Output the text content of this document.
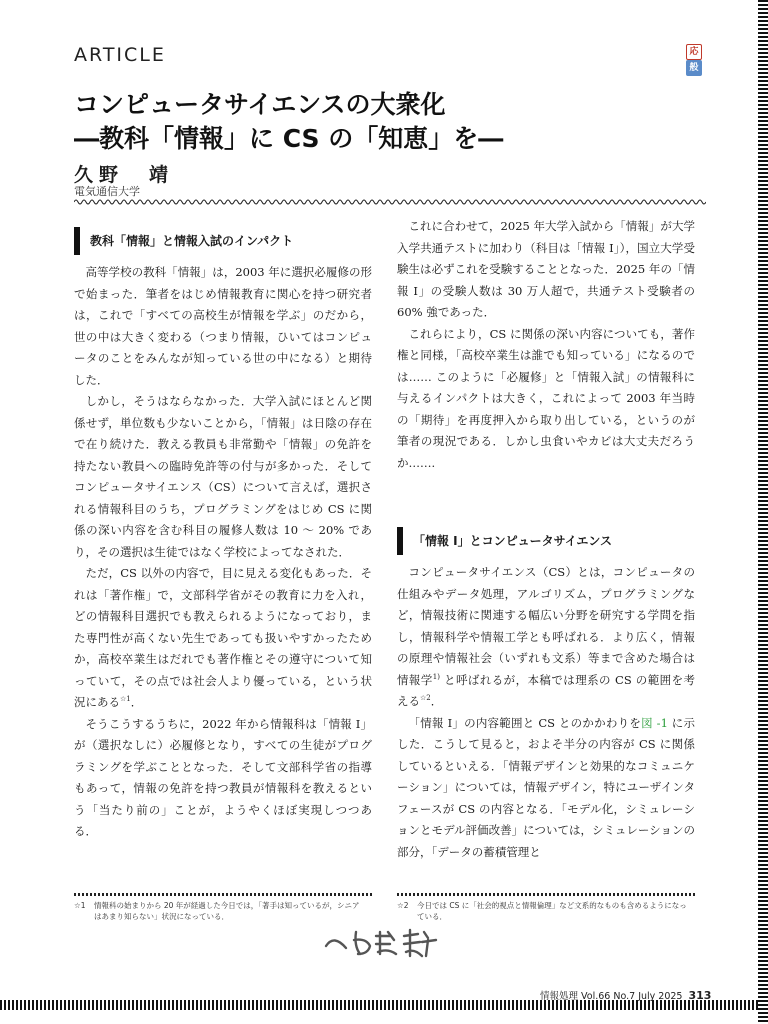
ARTICLE	応
般
コンピュータサイエンスの大衆化
―教科「情報」に CS の「知恵」を―
久野　靖
電気通信大学
教科「情報」と情報入試のインパクト

高等学校の教科「情報」は，2003 年に選択必履修の形で始まった．筆者をはじめ情報教育に関心を持つ研究者は，これで「すべての高校生が情報を学ぶ」のだから，世の中は大きく変わる（つまり情報，ひいてはコンピュータのことをみんなが知っている世の中になる）と期待した．

しかし，そうはならなかった．大学入試にほとんど関係せず，単位数も少ないことから，「情報」は日陰の存在で在り続けた．教える教員も非常勤や「情報」の免許を持たない教員への臨時免許等の付与が多かった．そしてコンピュータサイエンス（CS）について言えば，選択される情報科目のうち，プログラミングをはじめ CS に関係の深い内容を含む科目の履修人数は 10 ～ 20% であり，その選択は生徒ではなく学校によってなされた．

ただ，CS 以外の内容で，目に見える変化もあった．それは「著作権」で，文部科学省がその教育に力を入れ，どの情報科目選択でも教えられるようになっており，また専門性が高くない先生であっても扱いやすかったためか，高校卒業生はだれでも著作権とその遵守について知っていて，その点では社会人より優っている，という状況にある$^{☆1}$．

そうこうするうちに，2022 年から情報科は「情報 I」が（選択なしに）必履修となり，すべての生徒がプログラミングを学ぶこととなった．そして文部科学省の指導もあって，情報の免許を持つ教員が情報科を教えるという「当たり前の」ことが，ようやくほぼ実現しつつある．

これに合わせて，2025 年大学入試から「情報」が大学入学共通テストに加わり（科目は「情報 I」），国立大学受験生は必ずこれを受験することとなった．2025 年の「情報 I」の受験人数は 30 万人超で，共通テスト受験者の 60% 強であった．

これらにより，CS に関係の深い内容についても，著作権と同様，「高校卒業生は誰でも知っている」になるのでは…… このように「必履修」と「情報入試」の情報科に与えるインパクトは大きく，これによって 2003 年当時の「期待」を再度押入から取り出している，というのが筆者の現況である．しかし虫食いやカビは大丈夫だろうか…….

「情報 I」とコンピュータサイエンス

コンピュータサイエンス（CS）とは，コンピュータの仕組みやデータ処理，アルゴリズム，プログラミングなど，情報技術に関連する幅広い分野を研究する学問を指し，情報科学や情報工学とも呼ばれる．より広く，情報の原理や情報社会（いずれも文系）等まで含めた場合は情報学$^{1)}$ と呼ばれるが，本稿では理系の CS の範囲を考える$^{☆2}$．

「情報 I」の内容範囲と CS とのかかわりを図 -1 に示した．こうして見ると，およそ半分の内容が CS に関係しているといえる．「情報デザインと効果的なコミュニケーション」については，情報デザイン，特にユーザインタフェースが CS の内容となる．「モデル化，シミュレーションとモデル評価改善」については，シミュレーションの部分，「データの蓄積管理と

☆1 情報科の始まりから 20 年が経過した今日では，「著手は知っているが，シニアはあまり知らない」状況になっている．
☆2 今日では CS に「社会的視点と情報倫理」など文系的なものも含めるようになっている．
情報処理 Vol.66 No.7 July 2025 313
